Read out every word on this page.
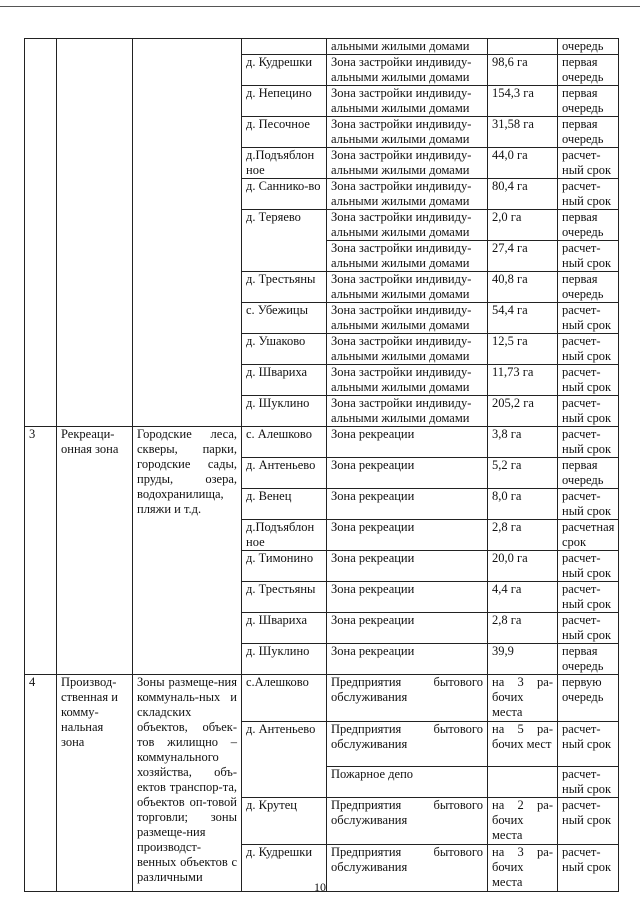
				альными жилыми домами		очередь
			д. Кудрешки	Зона застройки индивиду-альными жилыми домами	98,6 га	первая очередь
			д. Непецино	Зона застройки индивиду-альными жилыми домами	154,3 га	первая очередь
			д. Песочное	Зона застройки индивиду-альными жилыми домами	31,58 га	первая очередь
			д.Подъяблон ное	Зона застройки индивиду-альными жилыми домами	44,0 га	расчет-ный срок
			д. Саннико-во	Зона застройки индивиду-альными жилыми домами	80,4 га	расчет-ный срок
			д. Теряево	Зона застройки индивиду-альными жилыми домами	2,0 га	первая очередь
				Зона застройки индивиду-альными жилыми домами	27,4 га	расчет-ный срок
			д. Трестьяны	Зона застройки индивиду-альными жилыми домами	40,8 га	первая очередь
			с. Убежицы	Зона застройки индивиду-альными жилыми домами	54,4 га	расчет-ный срок
			д. Ушаково	Зона застройки индивиду-альными жилыми домами	12,5 га	расчет-ный срок
			д. Швариха	Зона застройки индивиду-альными жилыми домами	11,73 га	расчет-ный срок
			д. Шуклино	Зона застройки индивиду-альными жилыми домами	205,2 га	расчет-ный срок
3	Рекреаци-онная зона	Городские леса, скверы, парки, городские сады, пруды, озера, водохранилища, пляжи и т.д.	с. Алешково	Зона рекреации	3,8 га	расчет-ный срок
			д. Антеньево	Зона рекреации	5,2 га	первая очередь
			д. Венец	Зона рекреации	8,0 га	расчет-ный срок
			д.Подъяблон ное	Зона рекреации	2,8 га	расчетная срок
			д. Тимонино	Зона рекреации	20,0 га	расчет-ный срок
			д. Трестьяны	Зона рекреации	4,4 га	расчет-ный срок
			д. Швариха	Зона рекреации	2,8 га	расчет-ный срок
			д. Шуклино	Зона рекреации	39,9	первая очередь
4	Производ-ственная и комму-нальная зона	Зоны размеще-ния коммуналь-ных и складских объектов, объек-тов жилищно – коммунального хозяйства, объ-ектов транспор-та, объектов оп-товой торговли; зоны размеще-ния производст-венных объектов с различными	с.Алешково	Предприятия бытового обслуживания	на 3 ра-бочих места	первую очередь
			д. Антеньево	Предприятия бытового обслуживания	на 5 ра-бочих мест	расчет-ный срок
				Пожарное депо		расчет-ный срок
			д. Крутец	Предприятия бытового обслуживания	на 2 ра-бочих места	расчет-ный срок
			д. Кудрешки	Предприятия бытового обслуживания	на 3 ра-бочих места	расчет-ный срок
10
